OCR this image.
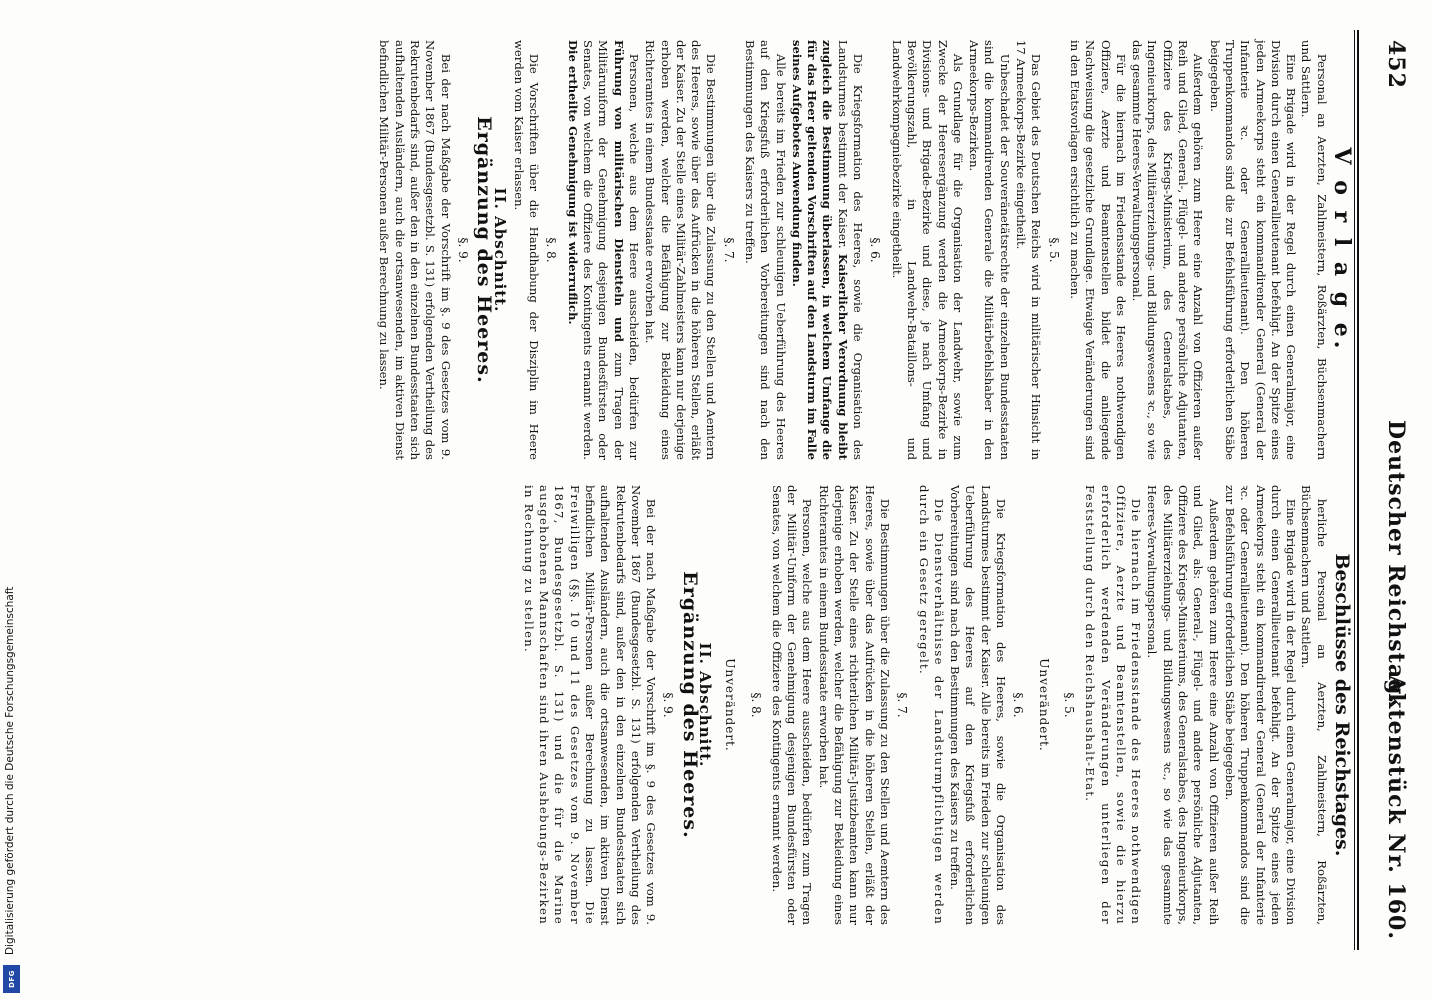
452
Deutscher Reichstag.
Aktenstück Nr. 160.
V o r l a g e.

Personal an Aerzten, Zahlmeistern, Roßärzten, Büchsenmachern und Sattlern.

Eine Brigade wird in der Regel durch einen Generalmajor, eine Division durch einen Generallieutenant befehligt. An der Spitze eines jeden Armeekorps steht ein kommandirender General (General der Infanterie ꝛc. oder Generallieutenant). Den höheren Truppenkommandos sind die zur Befehlsführung erforderlichen Stäbe beigegeben.

Außerdem gehören zum Heere eine Anzahl von Offizieren außer Reih und Glied, General-, Flügel- und andere persönliche Adjutanten, Offiziere des Kriegs-Ministerium, des Generalstabes, des Ingenieurkorps, des Militärerziehungs- und Bildungswesens ꝛc., so wie das gesammte Heeres-Verwaltungspersonal.

Für die hiernach im Friedensstande des Heeres nothwendigen Offiziere, Aerzte und Beamtenstellen bildet die anliegende Nachweisung die gesetzliche Grundlage. Etwaige Veränderungen sind in den Etatsvorlagen ersichtlich zu machen.

§. 5.

Das Gebiet des Deutschen Reichs wird in militärischer Hinsicht in 17 Armeekorps-Bezirke eingetheilt.

Unbeschadet der Souveränetätsrechte der einzelnen Bundesstaaten sind die kommandirenden Generale die Militärbefehlshaber in den Armeekorps-Bezirken.

Als Grundlage für die Organisation der Landwehr, sowie zum Zwecke der Heeresergänzung werden die Armeekorps-Bezirke in Divisions- und Brigade-Bezirke und diese, je nach Umfang und Bevölkerungszahl, in Landwehr-Bataillons- und Landwehrkompagniebezirke eingetheilt.

§. 6.

Die Kriegsformation des Heeres, sowie die Organisation des Landsturmes bestimmt der Kaiser. Kaiserlicher Verordnung bleibt zugleich die Bestimmung überlassen, in welchem Umfange die für das Heer geltenden Vorschriften auf den Landsturm im Falle seines Aufgebotes Anwendung finden.

Alle bereits im Frieden zur schleunigen Ueberführung des Heeres auf den Kriegsfuß erforderlichen Vorbereitungen sind nach den Bestimmungen des Kaisers zu treffen.

§. 7.

Die Bestimmungen über die Zulassung zu den Stellen und Aemtern des Heeres, sowie über das Aufrücken in die höheren Stellen, erläßt der Kaiser. Zu der Stelle eines Militär-Zahlmeisters kann nur derjenige erhoben werden, welcher die Befähigung zur Bekleidung eines Richteramtes in einem Bundesstaate erworben hat.

Personen, welche aus dem Heere ausscheiden, bedürfen zur Führung von militärischen Dienstteln und zum Tragen der Militäruniform der Genehmigung desjenigen Bundesfürsten oder Senates, von welchem die Offiziere des Kontingents ernannt werden. Die ertheilte Genehmigung ist widerruflich.

§. 8.

Die Vorschriften über die Handhabung der Disziplin im Heere werden vom Kaiser erlassen.

II. Abschnitt.
Ergänzung des Heeres.
§. 9.

Bei der nach Maßgabe der Vorschrift im §. 9 des Gesetzes vom 9. November 1867 (Bundesgesetzbl. S. 131) erfolgenden Vertheilung des Rekrutenbedarfs sind, außer den in den einzelnen Bundesstaaten sich aufhaltenden Ausländern, auch die ortsanwesenden, im aktiven Dienst befindlichen Militär-Personen außer Berechnung zu lassen.

Beschlüsse des Reichstages.

herliche Personal an Aerzten, Zahlmeistern, Roßärzten, Büchsenmachern und Sattlern.

Eine Brigade wird in der Regel durch einen Generalmajor, eine Division durch einen Generallieutenant befehligt. An der Spitze eines jeden Armeekorps steht ein kommandirender General (General der Infanterie ꝛc. oder Generallieutenant). Den höheren Truppenkommandos sind die zur Befehlsführung erforderlichen Stäbe beigegeben.

Außerdem gehören zum Heere eine Anzahl von Offizieren außer Reih und Glied, als: General-, Flügel- und andere persönliche Adjutanten, Offiziere des Kriegs-Ministeriums, des Generalstabes, des Ingenieurkorps, des Militärerziehungs- und Bildungswesens ꝛc., so wie das gesammte Heeres-Verwaltungspersonal.

Die hiernach im Friedensstande des Heeres nothwendigen Offiziere, Aerzte und Beamtenstellen, sowie die hierzu erforderlich werdenden Veränderungen unterliegen der Feststellung durch den Reichshaushalt-Etat.

§. 5.
Unverändert.
§. 6.

Die Kriegsformation des Heeres, sowie die Organisation des Landsturmes bestimmt der Kaiser. Alle bereits im Frieden zur schleunigen Ueberführung des Heeres auf den Kriegsfuß erforderlichen Vorbereitungen sind nach den Bestimmungen des Kaisers zu treffen.

Die Dienstverhältnisse der Landsturmpflichtigen werden durch ein Gesetz geregelt.

§. 7.

Die Bestimmungen über die Zulassung zu den Stellen und Aemtern des Heeres, sowie über das Aufrücken in die höheren Stellen, erläßt der Kaiser. Zu der Stelle eines richterlichen Militär-Justizbeamten kann nur derjenige erhoben werden, welcher die Befähigung zur Bekleidung eines Richteramtes in einem Bundesstaate erworben hat.

Personen, welche aus dem Heere ausscheiden, bedürfen zum Tragen der Militär-Uniform der Genehmigung desjenigen Bundesfürsten oder Senates, von welchem die Offiziere des Kontingents ernannt werden.

§. 8.
Unverändert.
II. Abschnitt.
Ergänzung des Heeres.
§. 9.

Bei der nach Maßgabe der Vorschrift im §. 9 des Gesetzes vom 9. November 1867 (Bundesgesetzbl. S. 131) erfolgenden Vertheilung des Rekrutenbedarfs sind, außer den in den einzelnen Bundesstaaten sich aufhaltenden Ausländern, auch die ortsanwesenden, im aktiven Dienst befindlichen Militär-Personen außer Berechnung zu lassen. Die Freiwilligen (§§. 10 und 11 des Gesetzes vom 9. November 1867, Bundesgesetzbl. S. 131) und die für die Marine ausgehobenen Mannschaften sind ihren Aushebungs-Bezirken in Rechnung zu stellen.

Digitalisierung gefördert durch die Deutsche Forschungsgemeinschaft
DFG
